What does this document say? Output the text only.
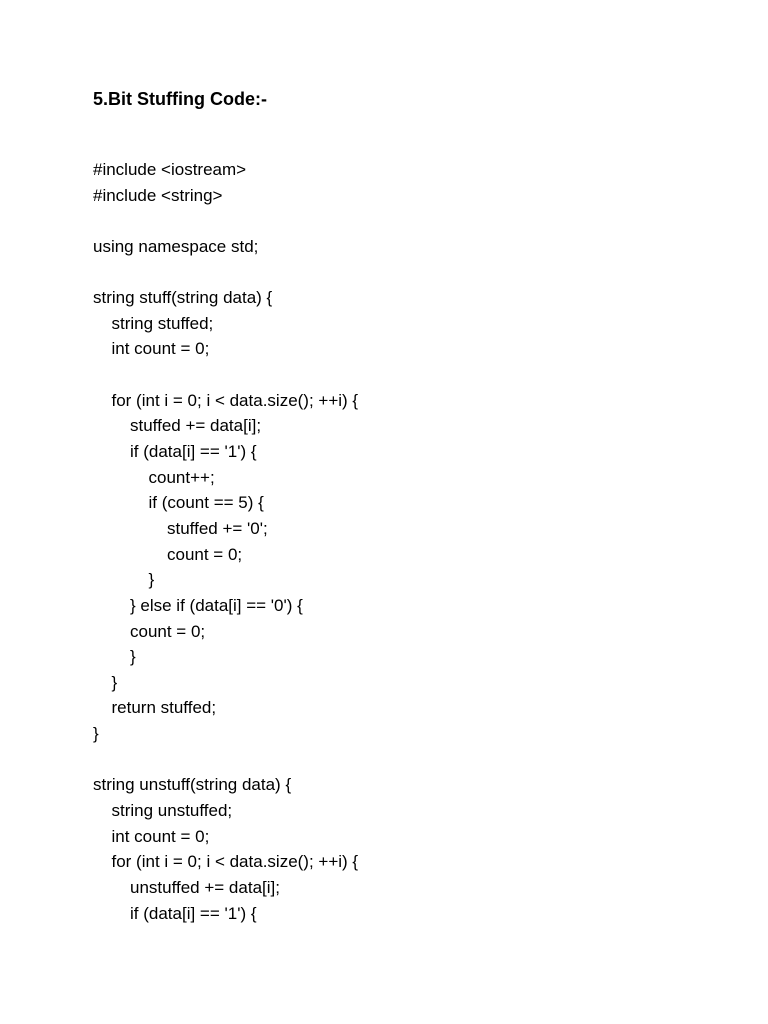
5.Bit Stuffing Code:-
#include <iostream>
#include <string>
using namespace std;
string stuff(string data) {
string stuffed;
int count = 0;
for (int i = 0; i < data.size(); ++i) {
stuffed += data[i];
if (data[i] == '1') {
count++;
if (count == 5) {
stuffed += '0';
count = 0;
}
} else if (data[i] == '0') {
count = 0;
}
}
return stuffed;
}
string unstuff(string data) {
string unstuffed;
int count = 0;
for (int i = 0; i < data.size(); ++i) {
unstuffed += data[i];
if (data[i] == '1') {
